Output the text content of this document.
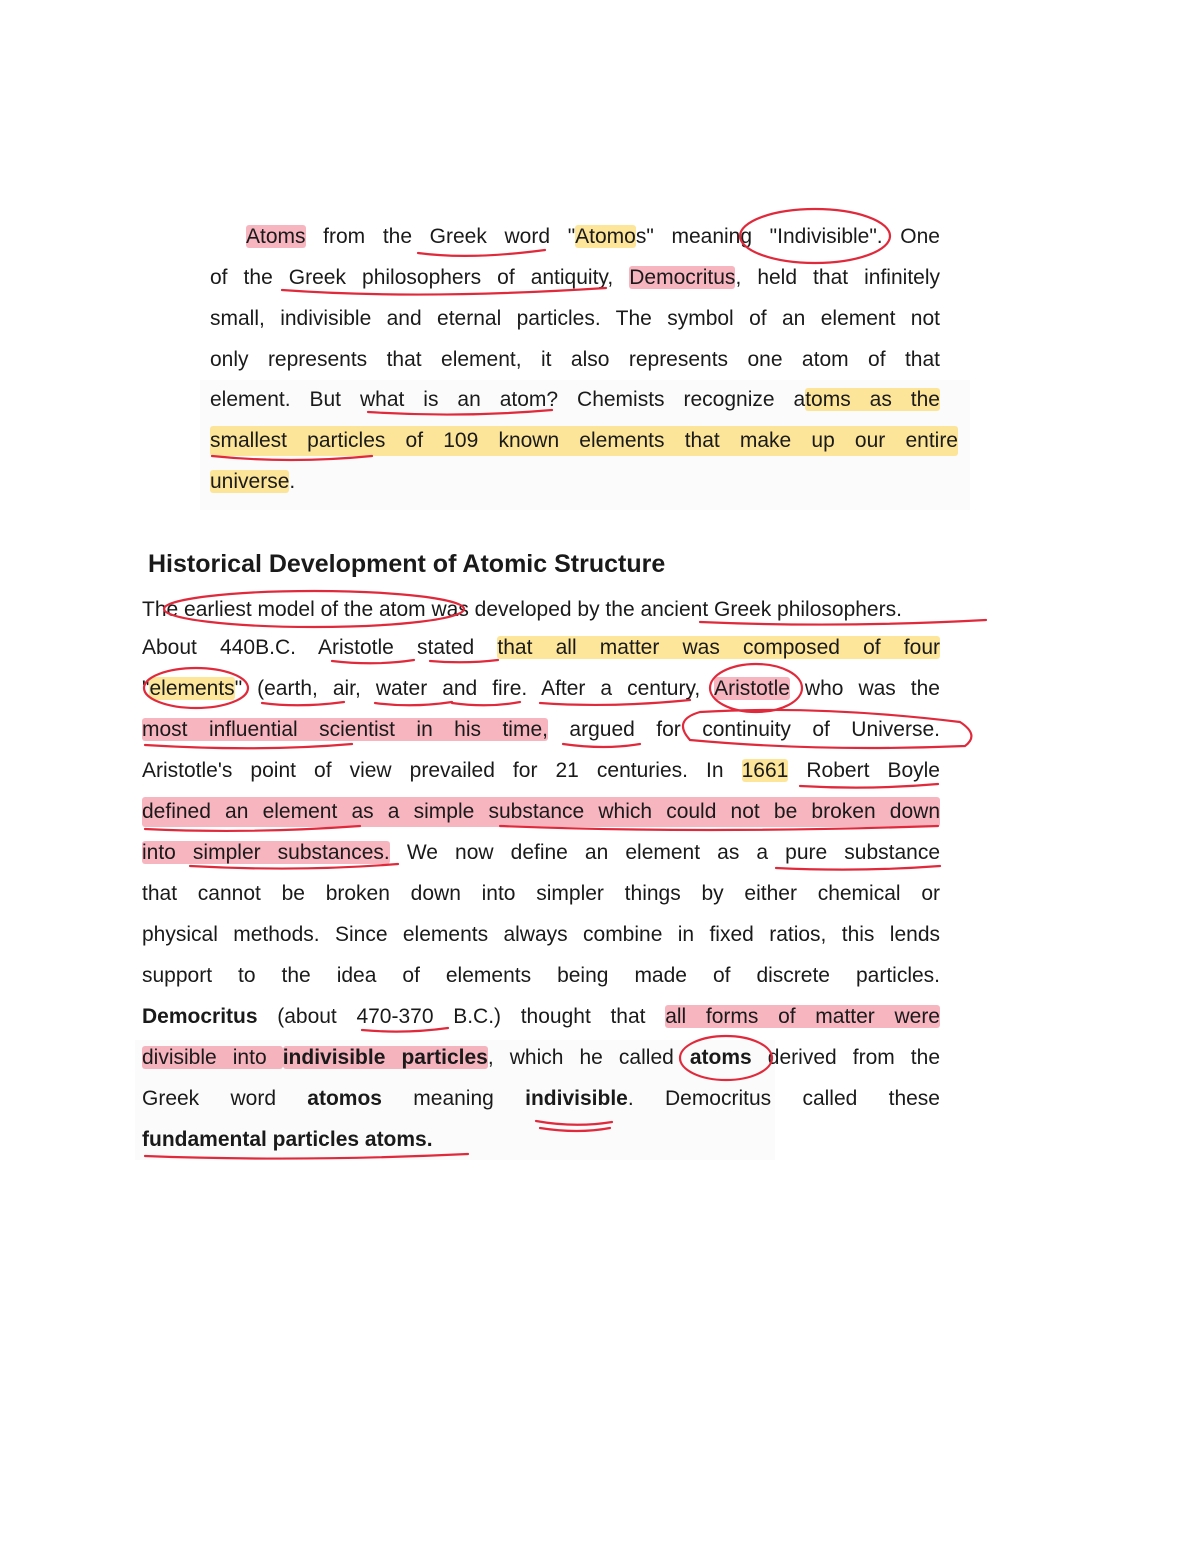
Atoms from the Greek word "Atomos" meaning "Indivisible". One
of the Greek philosophers of antiquity, Democritus, held that infinitely
small, indivisible and eternal particles. The symbol of an element not
only represents that element, it also represents one atom of that
element. But what is an atom? Chemists recognize atoms as the
smallest particles of 109 known elements that make up our entire
universe.
Historical Development of Atomic Structure
The earliest model of the atom was developed by the ancient Greek philosophers.
About 440B.C. Aristotle stated that all matter was composed of four
"elements" (earth, air, water and fire. After a century, Aristotle who was the
most influential scientist in his time, argued for continuity of Universe.
Aristotle's point of view prevailed for 21 centuries. In 1661 Robert Boyle
defined an element as a simple substance which could not be broken down
into simpler substances. We now define an element as a pure substance
that cannot be broken down into simpler things by either chemical or
physical methods. Since elements always combine in fixed ratios, this lends
support to the idea of elements being made of discrete particles.
Democritus (about 470-370 B.C.) thought that all forms of matter were
divisible into indivisible particles, which he called atoms derived from the
Greek word atomos meaning indivisible. Democritus called these
fundamental particles atoms.
